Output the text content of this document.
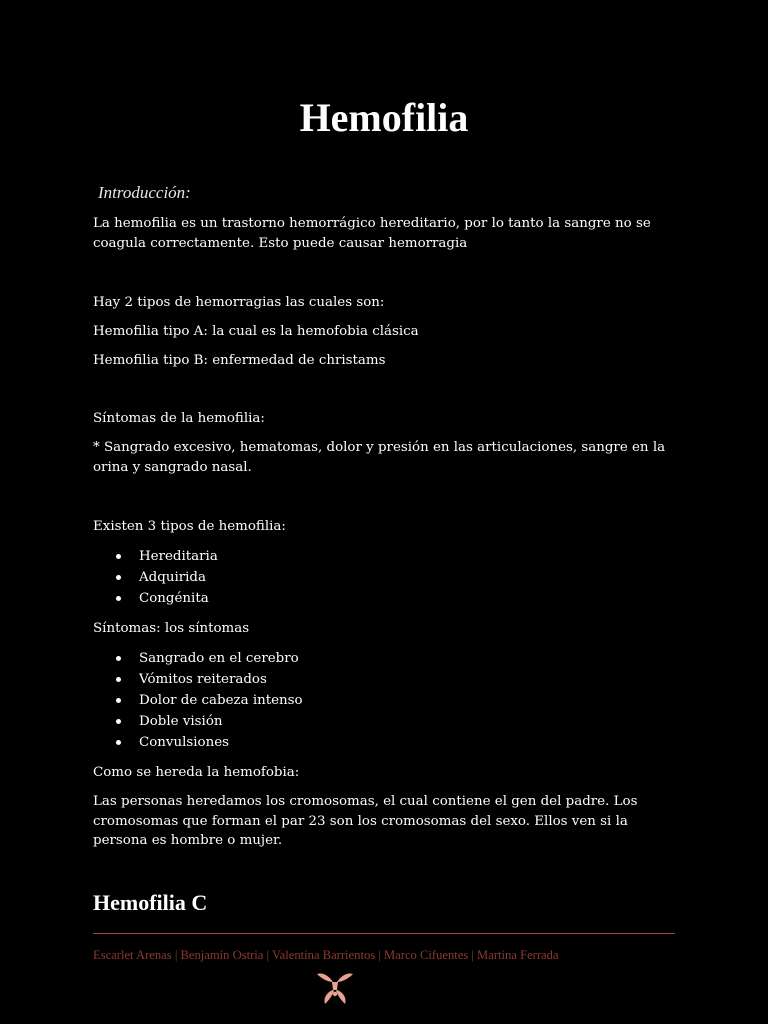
Hemofilia
Introducción:

La hemofilia es un trastorno hemorrágico hereditario, por lo tanto la sangre no se coagula correctamente. Esto puede causar hemorragia

Hay 2 tipos de hemorragias las cuales son:

Hemofilia tipo A: la cual es la hemofobia clásica

Hemofilia tipo B: enfermedad de christams

Síntomas de la hemofilia:

* Sangrado excesivo, hematomas, dolor y presión en las articulaciones, sangre en la orina y sangrado nasal.

Existen 3 tipos de hemofilia:

Hereditaria
Adquirida
Congénita

Síntomas: los síntomas

Sangrado en el cerebro
Vómitos reiterados
Dolor de cabeza intenso
Doble visión
Convulsiones

Como se hereda la hemofobia:

Las personas heredamos los cromosomas, el cual contiene el gen del padre. Los cromosomas que forman el par 23 son los cromosomas del sexo. Ellos ven si la persona es hombre o mujer.

Hemofilia C
Escarlet Arenas | Benjamín Ostria | Valentina Barrientos | Marco Cifuentes | Martina Ferrada
